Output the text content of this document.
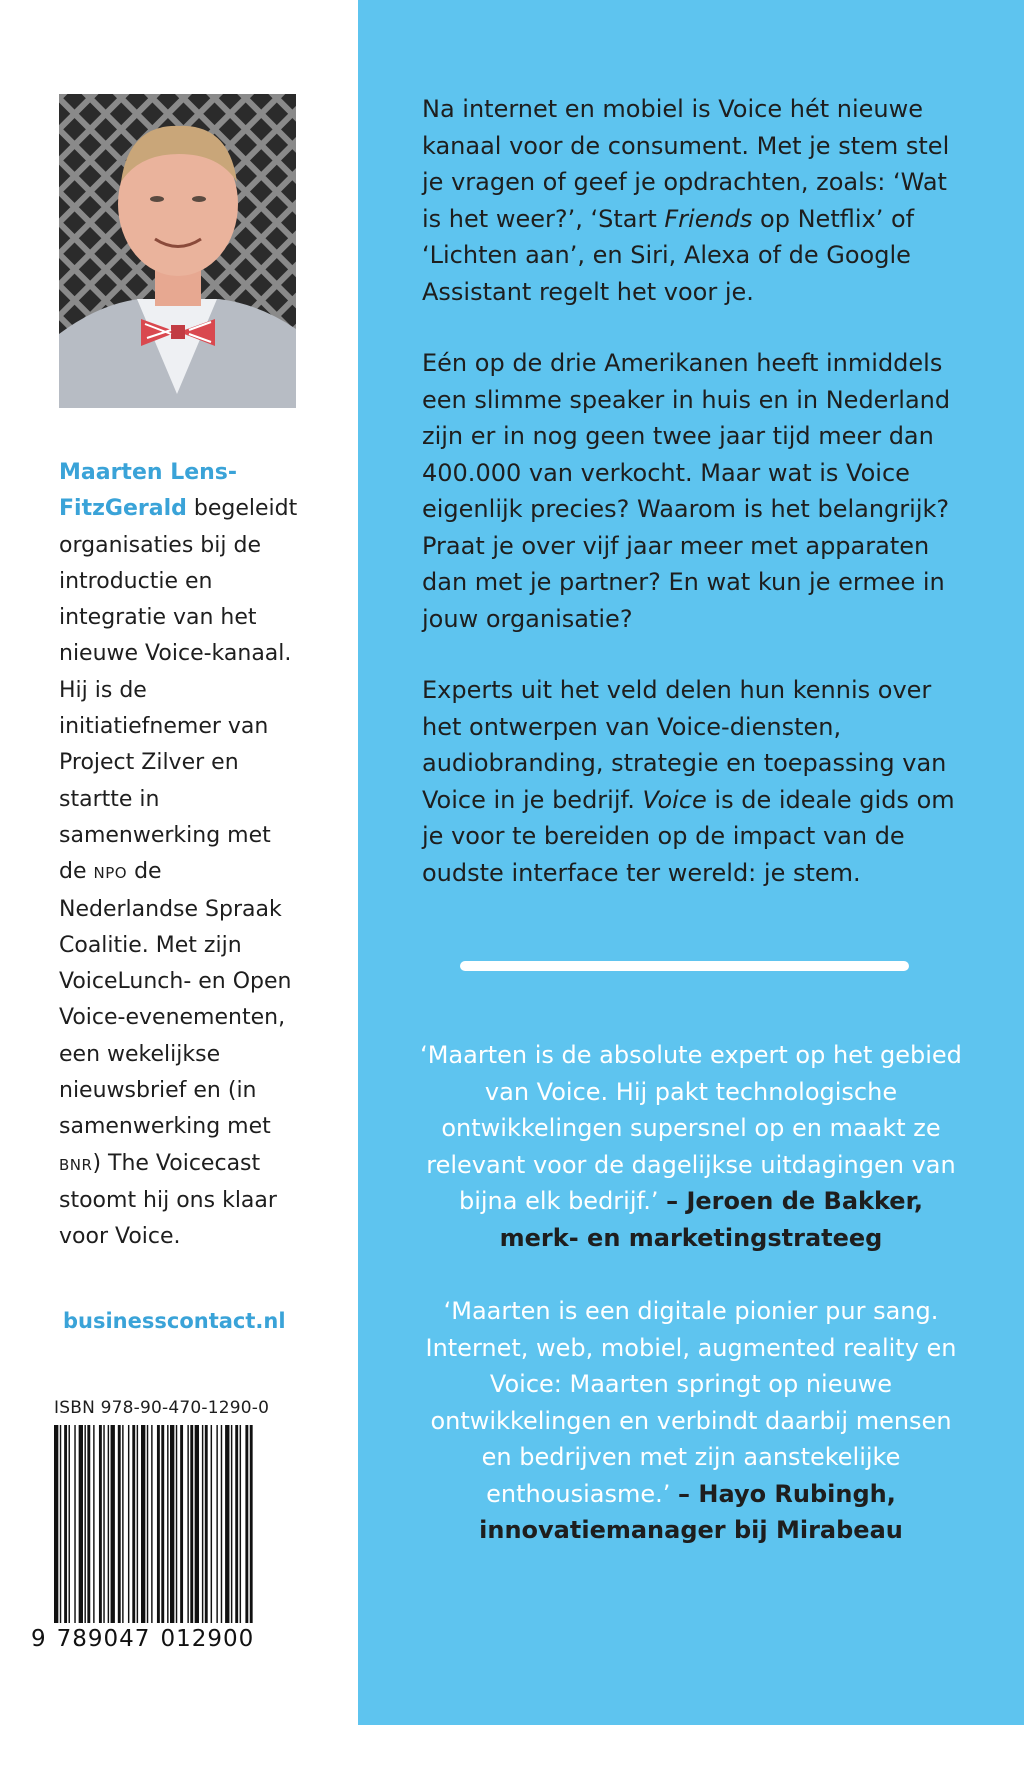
Maarten Lens-FitzGerald begeleidt organisaties bij de introductie en integratie van het nieuwe Voice-kanaal. Hij is de initiatiefnemer van Project Zilver en startte in samenwerking met de NPO de Nederlandse Spraak Coalitie. Met zijn VoiceLunch- en Open Voice-evenementen, een wekelijkse nieuwsbrief en (in samenwerking met BNR) The Voicecast stoomt hij ons klaar voor Voice.

businesscontact.nl
ISBN 978-90-470-1290-0
9 789047 012900

Na internet en mobiel is Voice hét nieuwe kanaal voor de consument. Met je stem stel je vragen of geef je opdrachten, zoals: ‘Wat is het weer?’, ‘Start Friends op Netflix’ of ‘Lichten aan’, en Siri, Alexa of de Google Assistant regelt het voor je.

Eén op de drie Amerikanen heeft inmiddels een slimme speaker in huis en in Nederland zijn er in nog geen twee jaar tijd meer dan 400.000 van verkocht. Maar wat is Voice eigenlijk precies? Waarom is het belangrijk? Praat je over vijf jaar meer met apparaten dan met je partner? En wat kun je ermee in jouw organisatie?

Experts uit het veld delen hun kennis over het ontwerpen van Voice-diensten, audiobranding, strategie en toepassing van Voice in je bedrijf. Voice is de ideale gids om je voor te bereiden op de impact van de oudste interface ter wereld: je stem.

‘Maarten is de absolute expert op het gebied van Voice. Hij pakt technologische ontwikkelingen supersnel op en maakt ze relevant voor de dagelijkse uitdagingen van bijna elk bedrijf.’ – Jeroen de Bakker, merk- en marketingstrateeg

‘Maarten is een digitale pionier pur sang. Internet, web, mobiel, augmented reality en Voice: Maarten springt op nieuwe ontwikkelingen en verbindt daarbij mensen en bedrijven met zijn aanstekelijke enthousiasme.’ – Hayo Rubingh, innovatiemanager bij Mirabeau
